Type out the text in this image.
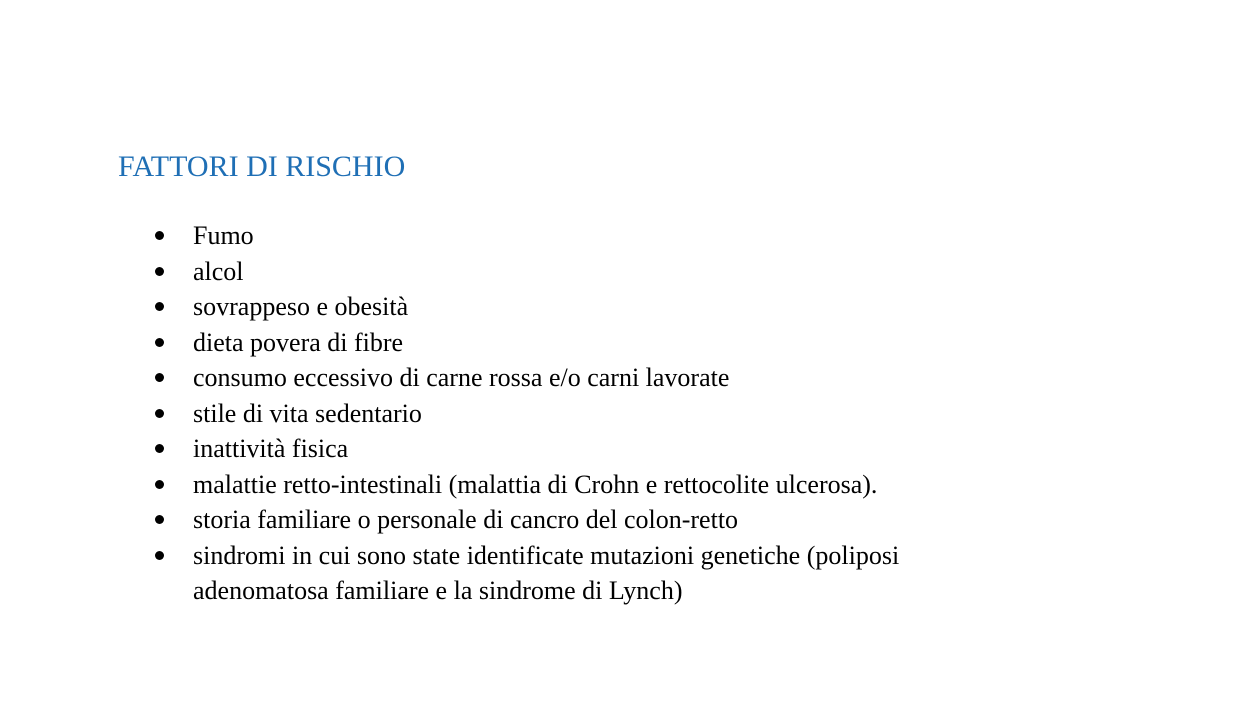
FATTORI DI RISCHIO
Fumo
alcol
sovrappeso e obesità
dieta povera di fibre
consumo eccessivo di carne rossa e/o carni lavorate
stile di vita sedentario
inattività fisica
malattie retto-intestinali (malattia di Crohn e rettocolite ulcerosa).
storia familiare o personale di cancro del colon-retto
sindromi in cui sono state identificate mutazioni genetiche (poliposi adenomatosa familiare e la sindrome di Lynch)
